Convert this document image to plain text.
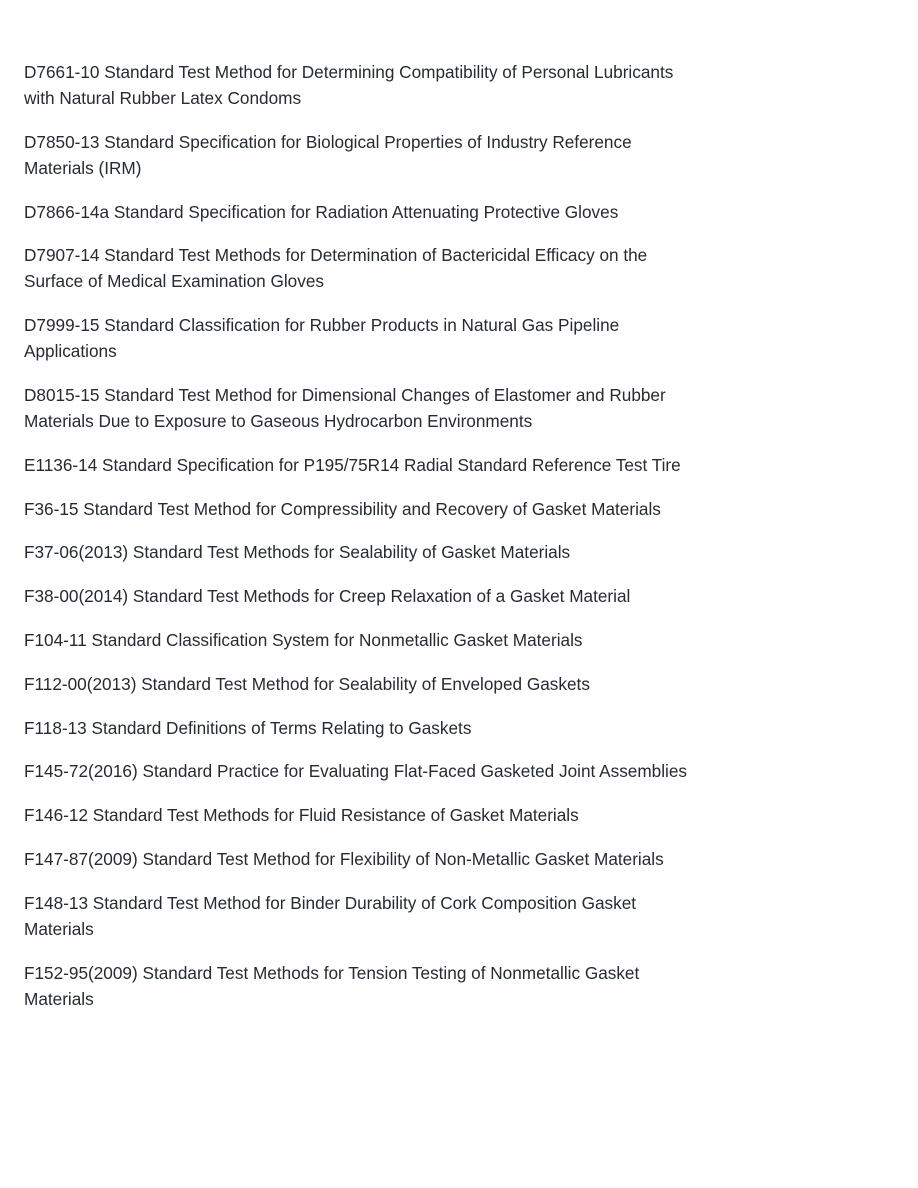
D7661-10 Standard Test Method for Determining Compatibility of Personal Lubricants with Natural Rubber Latex Condoms
D7850-13 Standard Specification for Biological Properties of Industry Reference Materials (IRM)
D7866-14a Standard Specification for Radiation Attenuating Protective Gloves
D7907-14 Standard Test Methods for Determination of Bactericidal Efficacy on the Surface of Medical Examination Gloves
D7999-15 Standard Classification for Rubber Products in Natural Gas Pipeline Applications
D8015-15 Standard Test Method for Dimensional Changes of Elastomer and Rubber Materials Due to Exposure to Gaseous Hydrocarbon Environments
E1136-14 Standard Specification for P195/75R14 Radial Standard Reference Test Tire
F36-15 Standard Test Method for Compressibility and Recovery of Gasket Materials
F37-06(2013) Standard Test Methods for Sealability of Gasket Materials
F38-00(2014) Standard Test Methods for Creep Relaxation of a Gasket Material
F104-11 Standard Classification System for Nonmetallic Gasket Materials
F112-00(2013) Standard Test Method for Sealability of Enveloped Gaskets
F118-13 Standard Definitions of Terms Relating to Gaskets
F145-72(2016) Standard Practice for Evaluating Flat-Faced Gasketed Joint Assemblies
F146-12 Standard Test Methods for Fluid Resistance of Gasket Materials
F147-87(2009) Standard Test Method for Flexibility of Non-Metallic Gasket Materials
F148-13 Standard Test Method for Binder Durability of Cork Composition Gasket Materials
F152-95(2009) Standard Test Methods for Tension Testing of Nonmetallic Gasket Materials
